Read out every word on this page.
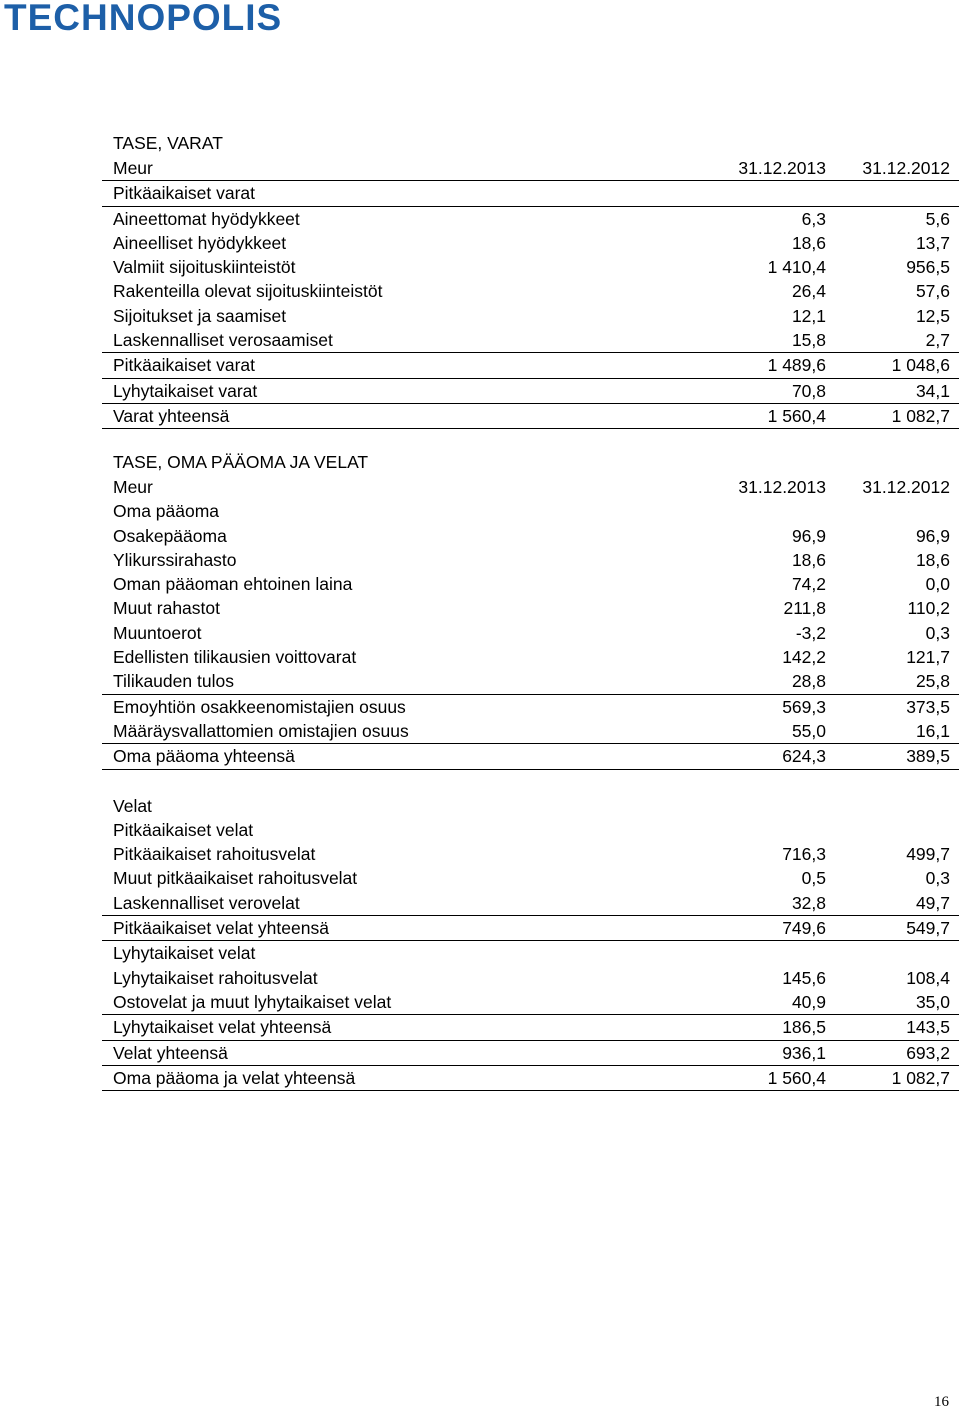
TECHNOPOLIS
TASE, VARAT
Meur	31.12.2013 31.12.2012
Pitkäaikaiset varat
Aineettomat hyödykkeet	6,3	5,6
Aineelliset hyödykkeet	18,6	13,7
Valmiit sijoituskiinteistöt	1 410,4	956,5
Rakenteilla olevat sijoituskiinteistöt	26,4	57,6
Sijoitukset ja saamiset	12,1	12,5
Laskennalliset verosaamiset	15,8	2,7
Pitkäaikaiset varat	1 489,6	1 048,6
Lyhytaikaiset varat	70,8	34,1
Varat yhteensä	1 560,4	1 082,7
TASE, OMA PÄÄOMA JA VELAT
Meur	31.12.2013 31.12.2012
Oma pääoma
Osakepääoma	96,9	96,9
Ylikurssirahasto	18,6	18,6
Oman pääoman ehtoinen laina	74,2	0,0
Muut rahastot	211,8	110,2
Muuntoerot	-3,2	0,3
Edellisten tilikausien voittovarat	142,2	121,7
Tilikauden tulos	28,8	25,8
Emoyhtiön osakkeenomistajien osuus	569,3	373,5
Määräysvallattomien omistajien osuus	55,0	16,1
Oma pääoma yhteensä	624,3	389,5
Velat
Pitkäaikaiset velat
Pitkäaikaiset rahoitusvelat	716,3	499,7
Muut pitkäaikaiset rahoitusvelat	0,5	0,3
Laskennalliset verovelat	32,8	49,7
Pitkäaikaiset velat yhteensä	749,6	549,7
Lyhytaikaiset velat
Lyhytaikaiset rahoitusvelat	145,6	108,4
Ostovelat ja muut lyhytaikaiset velat	40,9	35,0
Lyhytaikaiset velat yhteensä	186,5	143,5
Velat yhteensä	936,1	693,2
Oma pääoma ja velat yhteensä	1 560,4	1 082,7
16
